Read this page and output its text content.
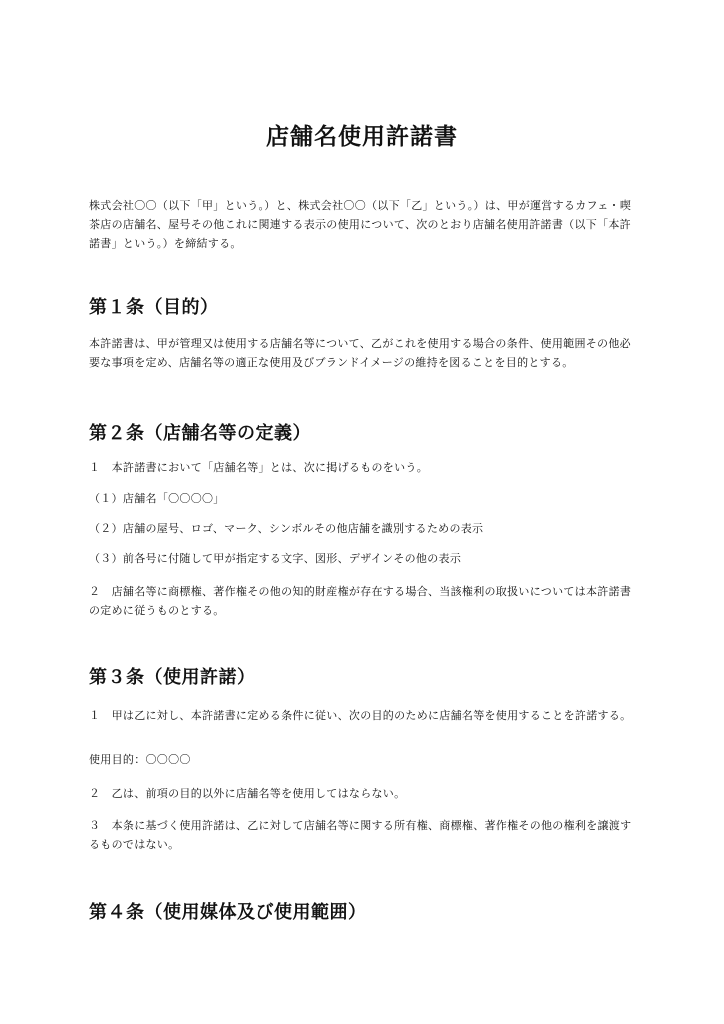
店舗名使用許諾書

株式会社〇〇（以下「甲」という。）と、株式会社〇〇（以下「乙」という。）は、甲が運営するカフェ・喫茶店の店舗名、屋号その他これに関連する表示の使用について、次のとおり店舗名使用許諾書（以下「本許諾書」という。）を締結する。

第１条（目的）

本許諾書は、甲が管理又は使用する店舗名等について、乙がこれを使用する場合の条件、使用範囲その他必要な事項を定め、店舗名等の適正な使用及びブランドイメージの維持を図ることを目的とする。

第２条（店舗名等の定義）

１　本許諾書において「店舗名等」とは、次に掲げるものをいう。

（１）店舗名「〇〇〇〇」

（２）店舗の屋号、ロゴ、マーク、シンボルその他店舗を識別するための表示

（３）前各号に付随して甲が指定する文字、図形、デザインその他の表示

２　店舗名等に商標権、著作権その他の知的財産権が存在する場合、当該権利の取扱いについては本許諾書の定めに従うものとする。

第３条（使用許諾）

１　甲は乙に対し、本許諾書に定める条件に従い、次の目的のために店舗名等を使用することを許諾する。

使用目的：〇〇〇〇

２　乙は、前項の目的以外に店舗名等を使用してはならない。

３　本条に基づく使用許諾は、乙に対して店舗名等に関する所有権、商標権、著作権その他の権利を譲渡するものではない。

第４条（使用媒体及び使用範囲）
